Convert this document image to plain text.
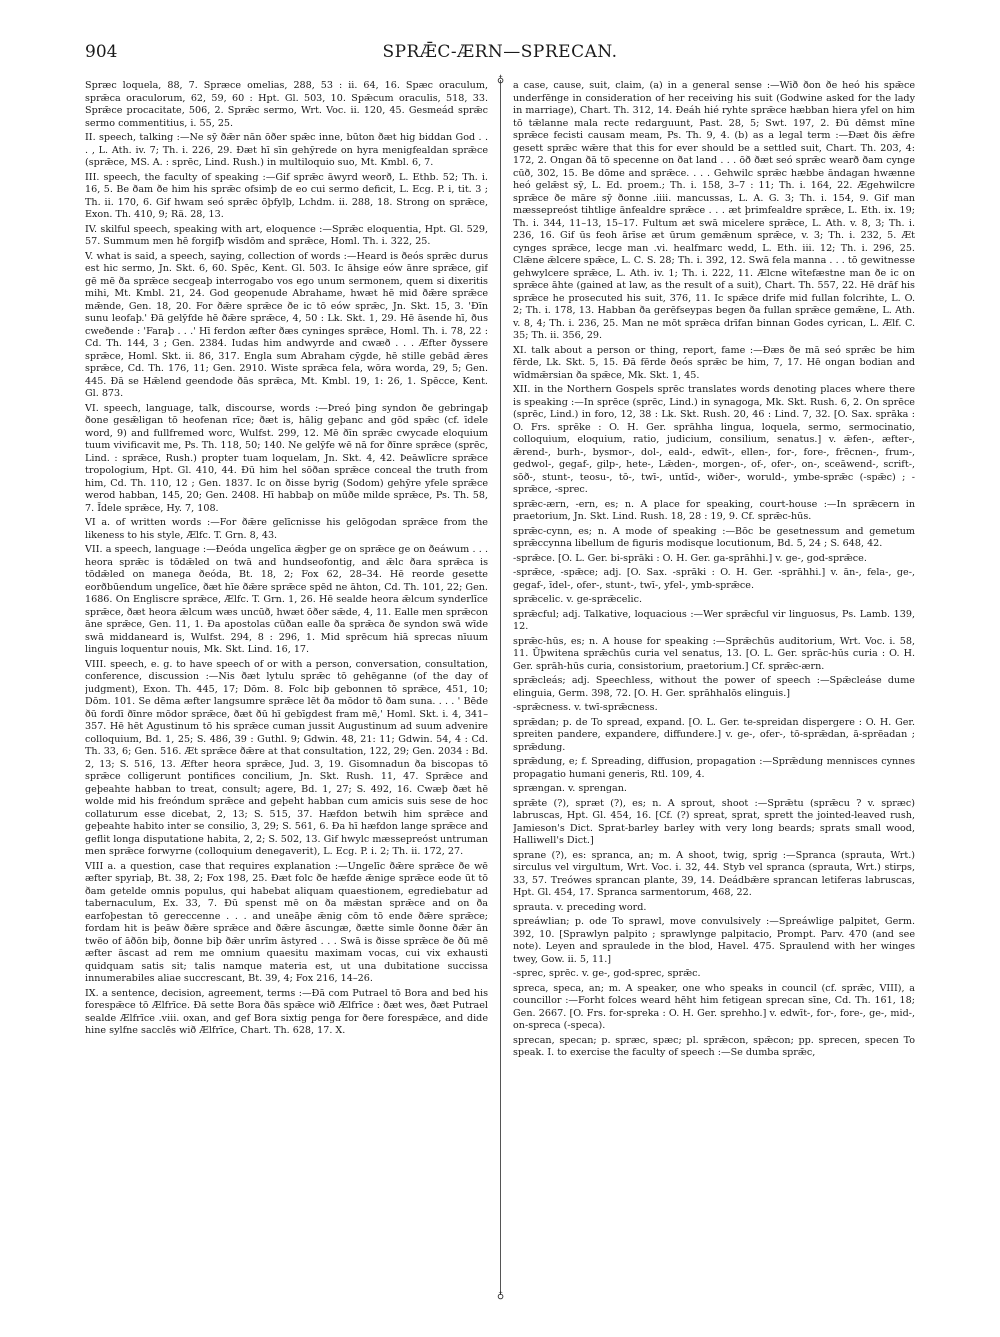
904	SPRǢC-ÆRN—SPRECAN.

Spræc loquela, 88, 7. Spræce omelias, 288, 53 : ii. 64, 16. Spæc oraculum, sprǣca oraculorum, 62, 59, 60 : Hpt. Gl. 503, 10. Spǣcum oraculis, 518, 33. Sprǣce procacitate, 506, 2. Sprǣc sermo, Wrt. Voc. ii. 120, 45. Gesmeád sprǣc sermo commentitius, i. 55, 25.

II. speech, talking :—Ne sȳ ðǣr nān ōðer spǣc inne, būton ðæt hig biddan God . . . , L. Ath. iv. 7; Th. i. 226, 29. Ðæt hī sīn gehȳrede on hyra menigfealdan sprǣce (sprǣce, MS. A. : sprēc, Lind. Rush.) in multiloquio suo, Mt. Kmbl. 6, 7.

III. speech, the faculty of speaking :—Gif sprǣc āwyrd weorð, L. Ethb. 52; Th. i. 16, 5. Be ðam ðe him his sprǣc ofsimþ de eo cui sermo deficit, L. Ecg. P. i, tit. 3 ; Th. ii. 170, 6. Gif hwam seó sprǣc ōþfylþ, Lchdm. ii. 288, 18. Strong on sprǣce, Exon. Th. 410, 9; Rä. 28, 13.

IV. skilful speech, speaking with art, eloquence :—Sprǣc eloquentia, Hpt. Gl. 529, 57. Summum men hē forgifþ wīsdōm and sprǣce, Homl. Th. i. 322, 25.

V. what is said, a speech, saying, collection of words :—Heard is ðeós sprǣc durus est hic sermo, Jn. Skt. 6, 60. Spēc, Kent. Gl. 503. Ic āhsige eów ānre sprǣce, gif gē mē ða sprǣce secgeaþ interrogabo vos ego unum sermonem, quem si dixeritis mihi, Mt. Kmbl. 21, 24. God geopenude Abrahame, hwæt hē mid ðǣre sprǣce mǣnde, Gen. 18, 20. For ðǣre sprǣce ðe ic tō eów sprǣc, Jn. Skt. 15, 3. 'Ðīn sunu leofaþ.' Ðā gelȳfde hē ðǣre sprǣce, 4, 50 : Lk. Skt. 1, 29. Hē āsende hī, ðus cweðende : 'Faraþ . . .' Hī ferdon æfter ðæs cyninges sprǣce, Homl. Th. i. 78, 22 : Cd. Th. 144, 3 ; Gen. 2384. Iudas him andwyrde and cwæð . . . Æfter ðyssere sprǣce, Homl. Skt. ii. 86, 317. Engla sum Abraham cȳgde, hē stille gebād ǣres sprǣce, Cd. Th. 176, 11; Gen. 2910. Wiste sprǣca fela, wōra worda, 29, 5; Gen. 445. Ðā se Hǣlend geendode ðās sprǣca, Mt. Kmbl. 19, 1: 26, 1. Spēcce, Kent. Gl. 873.

VI. speech, language, talk, discourse, words :—Þreó þing syndon ðe gebringaþ ðone gesǣligan tō heofenan rīce; ðæt is, hālig geþanc and gōd spǣc (cf. īdele word, 9) and fullfremed worc, Wulfst. 299, 12. Mē ðīn sprǣc cwycade eloquium tuum vivificavit me, Ps. Th. 118, 50; 140. Ne gelȳfe wē nā for ðīnre sprǣce (sprēc, Lind. : sprǣce, Rush.) propter tuam loquelam, Jn. Skt. 4, 42. Þeāwlīcre sprǣce tropologium, Hpt. Gl. 410, 44. Ðū him hel sōðan sprǣce conceal the truth from him, Cd. Th. 110, 12 ; Gen. 1837. Ic on ðisse byrig (Sodom) gehȳre yfele sprǣce werod habban, 145, 20; Gen. 2408. Hī habbaþ on mūðe milde sprǣce, Ps. Th. 58, 7. Īdele sprǣce, Hy. 7, 108.

VI a. of written words :—For ðǣre gelīcnisse his gelōgodan sprǣce from the likeness to his style, Ælfc. T. Grn. 8, 43.

VII. a speech, language :—Ðeóda ungelīca ǣgþer ge on sprǣce ge on ðeáwum . . . heora sprǣc is tōdǣled on twā and hundseofontig, and ǣlc ðara sprǣca is tōdǣled on manega ðeóda, Bt. 18, 2; Fox 62, 28–34. Hē reorde gesette eorðbūendum ungelīce, ðæt hīe ðǣre sprǣce spēd ne āhton, Cd. Th. 101, 22; Gen. 1686. On Engliscre sprǣce, Ælfc. T. Grn. 1, 26. Hē sealde heora ǣlcum synderlīce sprǣce, ðæt heora ǣlcum wæs uncūð, hwæt ōðer sǣde, 4, 11. Ealle men sprǣcon āne sprǣce, Gen. 11, 1. Ða apostolas cūðan ealle ða sprǣca ðe syndon swā wīde swā middaneard is, Wulfst. 294, 8 : 296, 1. Mid sprēcum hiā sprecas nīuum linguis loquentur nouis, Mk. Skt. Lind. 16, 17.

VIII. speech, e. g. to have speech of or with a person, conversation, consultation, conference, discussion :—Nis ðæt lytulu sprǣc tō gehēganne (of the day of judgment), Exon. Th. 445, 17; Dōm. 8. Folc biþ gebonnen tō sprǣce, 451, 10; Dōm. 101. Se dēma æfter langsumre sprǣce lēt ða mōdor tō ðam suna. . . . ' Bēde ðū fordī ðīnre mōdor sprǣce, ðæt ðū hī gebīgdest fram mē,' Homl. Skt. i. 4, 341–357. Hē hēt Agustinum tō his sprǣce cuman jussit Augustinum ad suum advenire colloquium, Bd. 1, 25; S. 486, 39 : Guthl. 9; Gdwin. 48, 21: 11; Gdwin. 54, 4 : Cd. Th. 33, 6; Gen. 516. Æt sprǣce ðǣre at that consultation, 122, 29; Gen. 2034 : Bd. 2, 13; S. 516, 13. Æfter heora sprǣce, Jud. 3, 19. Gisomnadun ða biscopas tō sprǣce colligerunt pontifices concilium, Jn. Skt. Rush. 11, 47. Sprǣce and geþeahte habban to treat, consult; agere, Bd. 1, 27; S. 492, 16. Cwæþ ðæt hē wolde mid his freóndum sprǣce and geþeht habban cum amicis suis sese de hoc collaturum esse dicebat, 2, 13; S. 515, 37. Hæfdon betwih him sprǣce and geþeahte habito inter se consilio, 3, 29; S. 561, 6. Ða hī hæfdon lange sprǣce and geflit longa disputatione habita, 2, 2; S. 502, 13. Gif hwylc mæssepreóst untruman men sprǣce forwyrne (colloquium denegaverit), L. Ecg. P. i. 2; Th. ii. 172, 27.

VIII a. a question, case that requires explanation :—Ungelīc ðǣre sprǣce ðe wē æfter spyriaþ, Bt. 38, 2; Fox 198, 25. Ðæt folc ðe hæfde ǣnige sprǣce eode ūt tō ðam getelde omnis populus, qui habebat aliquam quaestionem, egrediebatur ad tabernaculum, Ex. 33, 7. Ðū spenst mē on ða mǣstan sprǣce and on ða earfoþestan tō gereccenne . . . and uneāþe ǣnig cōm tō ende ðǣre sprǣce; fordam hit is þeāw ðǣre sprǣce and ðǣre āscungæ, ðætte simle ðonne ðǣr ān twëo of āðōn biþ, ðonne biþ ðǣr unrīm āstyred . . . Swā is ðisse sprǣce ðe ðū mē æfter āscast ad rem me omnium quaesitu maximam vocas, cui vix exhausti quidquam satis sit; talis namque materia est, ut una dubitatione succissa innumerabiles aliae succrescant, Bt. 39, 4; Fox 216, 14–26.

IX. a sentence, decision, agreement, terms :—Ðā com Putrael tō Bora and bed his forespǣce tō Ælfrīce. Ðā sette Bora ðās spǣce wið Ælfrīce : ðæt wes, ðæt Putrael sealde Ælfrīce .viii. oxan, and gef Bora sixtig penga for ðere forespǣce, and dide hine sylfne sacclēs wið Ælfrīce, Chart. Th. 628, 17. X.

♁
♁

a case, cause, suit, claim, (a) in a general sense :—Wið ðon ðe heó his spǣce underfēnge in consideration of her receiving his suit (Godwine asked for the lady in marriage), Chart. Th. 312, 14. Ðeáh hié ryhte sprǣce hæbban hiera yfel on him tō tǣlanne mala recte redarguunt, Past. 28, 5; Swt. 197, 2. Ðū dēmst mīne sprǣce fecisti causam meam, Ps. Th. 9, 4. (b) as a legal term :—Ðæt ðis ǣfre gesett sprǣc wǣre that this for ever should be a settled suit, Chart. Th. 203, 4: 172, 2. Ongan ðā tō specenne on ðat land . . . ōð ðæt seó sprǣc wearð ðam cynge cūð, 302, 15. Be dōme and sprǣce. . . . Gehwilc sprǣc hæbbe āndagan hwænne heó gelǣst sȳ, L. Ed. proem.; Th. i. 158, 3–7 : 11; Th. i. 164, 22. Ægehwilcre sprǣce ðe māre sȳ ðonne .iiii. mancussas, L. A. G. 3; Th. i. 154, 9. Gif man mæssepreóst tihtlige ānfealdre sprǣce . . . æt þrimfealdre sprǣce, L. Eth. ix. 19; Th. i. 344, 11–13, 15–17. Fultum æt swā micelere sprǣce, L. Ath. v. 8, 3; Th. i. 236, 16. Gif ūs feoh ārīse æt ūrum gemǣnum sprǣce, v. 3; Th. i. 232, 5. Æt cynges sprǣce, lecge man .vi. healfmarc wedd, L. Eth. iii. 12; Th. i. 296, 25. Clǣne ǣlcere spǣce, L. C. S. 28; Th. i. 392, 12. Swā fela manna . . . tō gewitnesse gehwylcere sprǣce, L. Ath. iv. 1; Th. i. 222, 11. Ælcne wītefæstne man ðe ic on sprǣce āhte (gained at law, as the result of a suit), Chart. Th. 557, 22. Hē drāf his sprǣce he prosecuted his suit, 376, 11. Ic spǣce drife mid fullan folcrihte, L. O. 2; Th. i. 178, 13. Habban ða gerēfseypas begen ða fullan sprǣce gemǣne, L. Ath. v. 8, 4; Th. i. 236, 25. Man ne mōt sprǣca drīfan binnan Godes cyrican, L. Ælf. C. 35; Th. ii. 356, 29.

XI. talk about a person or thing, report, fame :—Ðæs ðe mā seó sprǣc be him fērde, Lk. Skt. 5, 15. Ðā fērde ðeós sprǣc be him, 7, 17. Hē ongan bodian and wīdmǣrsian ða spǣce, Mk. Skt. 1, 45.

XII. in the Northern Gospels sprēc translates words denoting places where there is speaking :—In sprēce (sprēc, Lind.) in synagoga, Mk. Skt. Rush. 6, 2. On sprēce (sprēc, Lind.) in foro, 12, 38 : Lk. Skt. Rush. 20, 46 : Lind. 7, 32. [O. Sax. sprāka : O. Frs. sprēke : O. H. Ger. sprāhha lingua, loquela, sermo, sermocinatio, colloquium, eloquium, ratio, judicium, consilium, senatus.] v. ǣfen-, æfter-, ǣrend-, burh-, bysmor-, dol-, eald-, edwīt-, ellen-, for-, fore-, frēcnen-, frum-, gedwol-, gegaf-, gilp-, hete-, Lǣden-, morgen-, of-, ofer-, on-, sceāwend-, scrift-, sōð-, stunt-, teosu-, tō-, twī-, untīd-, wiðer-, woruld-, ymbe-sprǣc (-spǣc) ; -sprǣce, -sprec.

sprǣc-ærn, -ern, es; n. A place for speaking, court-house :—In sprǣcern in praetorium, Jn. Skt. Lind. Rush. 18, 28 : 19, 9. Cf. sprǣc-hūs.

sprǣc-cynn, es; n. A mode of speaking :—Bōc be gesetnessum and gemetum sprǣccynna libellum de figuris modisque locutionum, Bd. 5, 24 ; S. 648, 42.

-sprǣce. [O. L. Ger. bi-sprāki : O. H. Ger. ga-sprāhhi.] v. ge-, god-sprǣce.

-sprǣce, -spǣce; adj. [O. Sax. -sprāki : O. H. Ger. -sprāhhi.] v. ān-, fela-, ge-, gegaf-, īdel-, ofer-, stunt-, twī-, yfel-, ymb-sprǣce.

sprǣcelic. v. ge-sprǣcelic.

sprǣcful; adj. Talkative, loquacious :—Wer sprǣcful vir linguosus, Ps. Lamb. 139, 12.

sprǣc-hūs, es; n. A house for speaking :—Sprǣchūs auditorium, Wrt. Voc. i. 58, 11. Ūþwitena sprǣchūs curia vel senatus, 13. [O. L. Ger. sprāc-hūs curia : O. H. Ger. sprāh-hūs curia, consistorium, praetorium.] Cf. sprǣc-ærn.

sprǣcleás; adj. Speechless, without the power of speech :—Spǣcleáse dume elinguia, Germ. 398, 72. [O. H. Ger. sprāhhalōs elinguis.]

-sprǣcness. v. twī-sprǣcness.

sprǣdan; p. de To spread, expand. [O. L. Ger. te-spreidan dispergere : O. H. Ger. spreiten pandere, expandere, diffundere.] v. ge-, ofer-, tō-sprǣdan, ā-sprēadan ; sprǣdung.

sprǣdung, e; f. Spreading, diffusion, propagation :—Sprǣdung mennisces cynnes propagatio humani generis, Rtl. 109, 4.

sprængan. v. sprengan.

sprǣte (?), spræt (?), es; n. A sprout, shoot :—Sprǣtu (sprǣcu ? v. spræc) labruscas, Hpt. Gl. 454, 16. [Cf. (?) spreat, sprat, sprett the jointed-leaved rush, Jamieson's Dict. Sprat-barley barley with very long beards; sprats small wood, Halliwell's Dict.]

sprane (?), es: spranca, an; m. A shoot, twig, sprig :—Spranca (sprauta, Wrt.) sirculus vel virgultum, Wrt. Voc. i. 32, 44. Styb vel spranca (sprauta, Wrt.) stirps, 33, 57. Treówes sprancan plante, 39, 14. Deádbǣre sprancan letiferas labruscas, Hpt. Gl. 454, 17. Spranca sarmentorum, 468, 22.

sprauta. v. preceding word.

spreáwlian; p. ode To sprawl, move convulsively :—Spreáwlige palpitet, Germ. 392, 10. [Sprawlyn palpito ; sprawlynge palpitacio, Prompt. Parv. 470 (and see note). Leyen and spraulede in the blod, Havel. 475. Spraulend with her winges twey, Gow. ii. 5, 11.]

-sprec, sprēc. v. ge-, god-sprec, sprǣc.

spreca, speca, an; m. A speaker, one who speaks in council (cf. sprǣc, VIII), a councillor :—Forht folces weard hēht him fetigean sprecan sīne, Cd. Th. 161, 18; Gen. 2667. [O. Frs. for-spreka : O. H. Ger. sprehho.] v. edwīt-, for-, fore-, ge-, mid-, on-spreca (-speca).

sprecan, specan; p. spræc, spæc; pl. sprǣcon, spǣcon; pp. sprecen, specen To speak. I. to exercise the faculty of speech :—Se dumba sprǣc,
